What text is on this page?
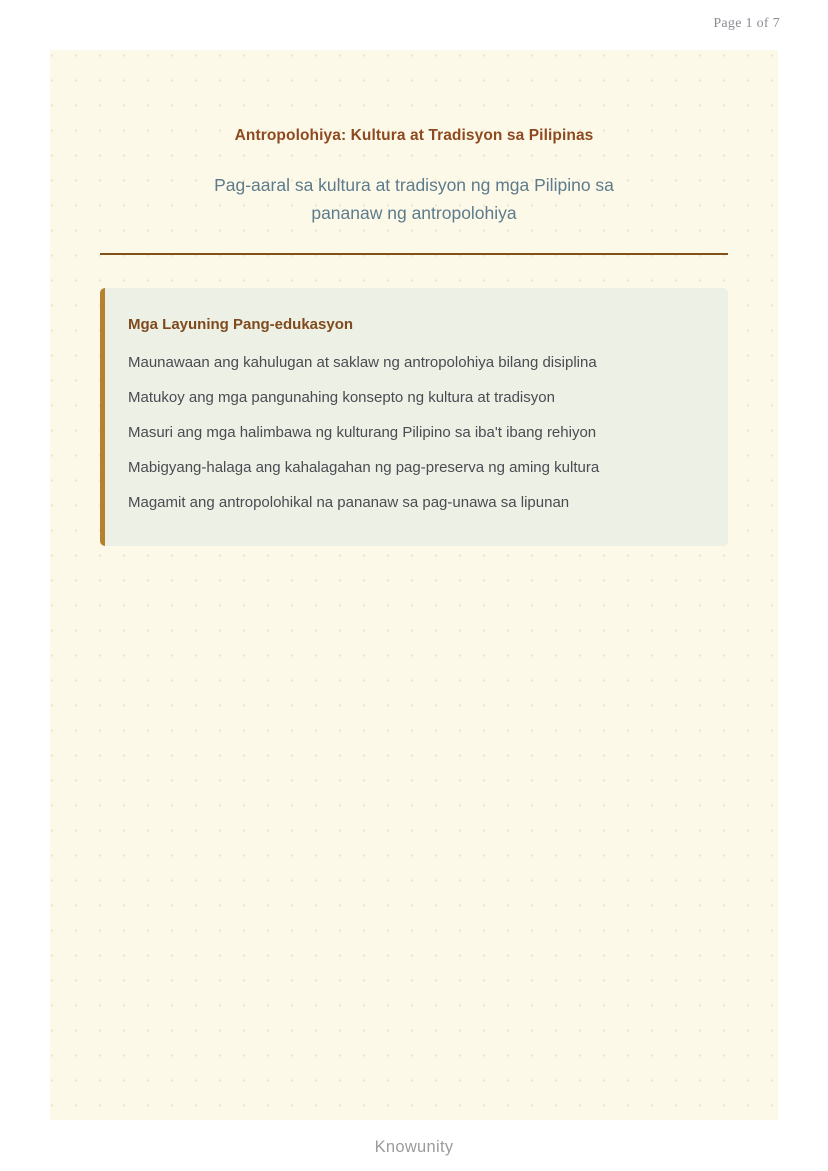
Page 1 of 7
Antropolohiya: Kultura at Tradisyon sa Pilipinas

Pag-aaral sa kultura at tradisyon ng mga Pilipino sa pananaw ng antropolohiya

Mga Layuning Pang-edukasyon

Maunawaan ang kahulugan at saklaw ng antropolohiya bilang disiplina

Matukoy ang mga pangunahing konsepto ng kultura at tradisyon

Masuri ang mga halimbawa ng kulturang Pilipino sa iba't ibang rehiyon

Mabigyang-halaga ang kahalagahan ng pag-preserva ng aming kultura

Magamit ang antropolohikal na pananaw sa pag-unawa sa lipunan

Knowunity
